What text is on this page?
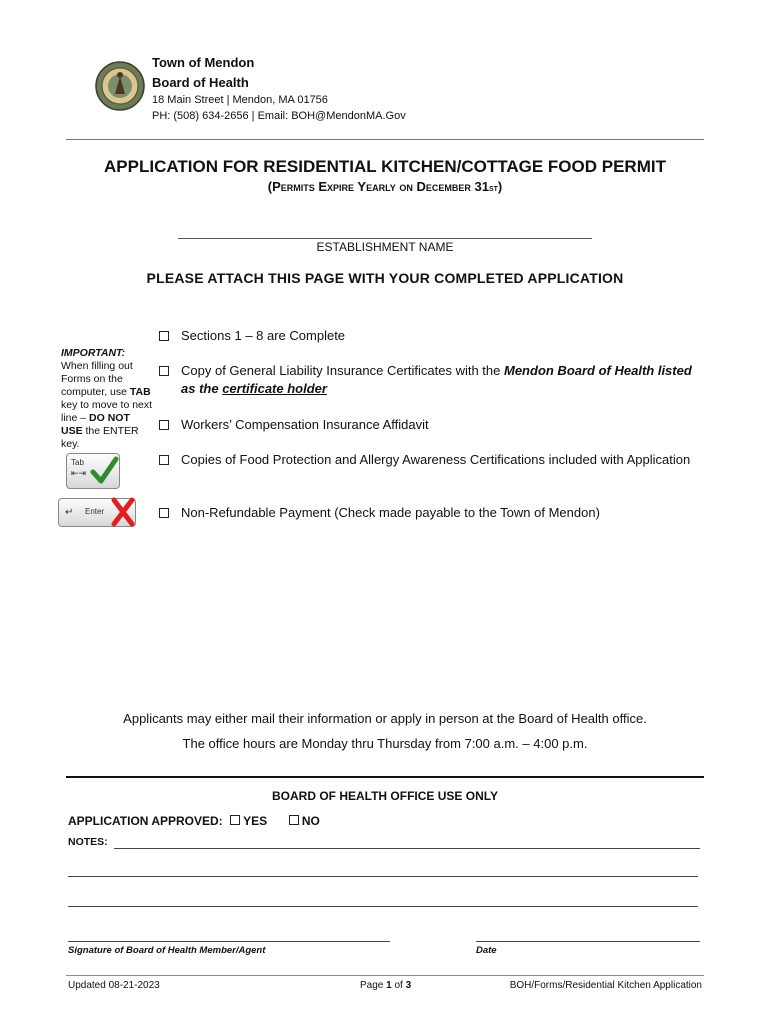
Town of Mendon
Board of Health
18 Main Street | Mendon, MA 01756
PH: (508) 634-2656 | Email: BOH@MendonMA.Gov
APPLICATION FOR RESIDENTIAL KITCHEN/COTTAGE FOOD PERMIT
(Permits Expire Yearly on December 31st)
ESTABLISHMENT NAME
PLEASE ATTACH THIS PAGE WITH YOUR COMPLETED APPLICATION
IMPORTANT:
When filling out Forms on the computer, use TAB key to move to next line – DO NOT USE the ENTER key.
Tab
⇤⇥
↵ Enter
Sections 1 – 8 are Complete
Copy of General Liability Insurance Certificates with the Mendon Board of Health listed as the certificate holder
Workers’ Compensation Insurance Affidavit
Copies of Food Protection and Allergy Awareness Certifications included with Application
Non-Refundable Payment (Check made payable to the Town of Mendon)
Applicants may either mail their information or apply in person at the Board of Health office.
The office hours are Monday thru Thursday from 7:00 a.m. – 4:00 p.m.
BOARD OF HEALTH OFFICE USE ONLY
APPLICATION APPROVED: YES	NO
NOTES:
Signature of Board of Health Member/Agent	Date
Updated 08-21-2023	Page 1 of 3	BOH/Forms/Residential Kitchen Application
